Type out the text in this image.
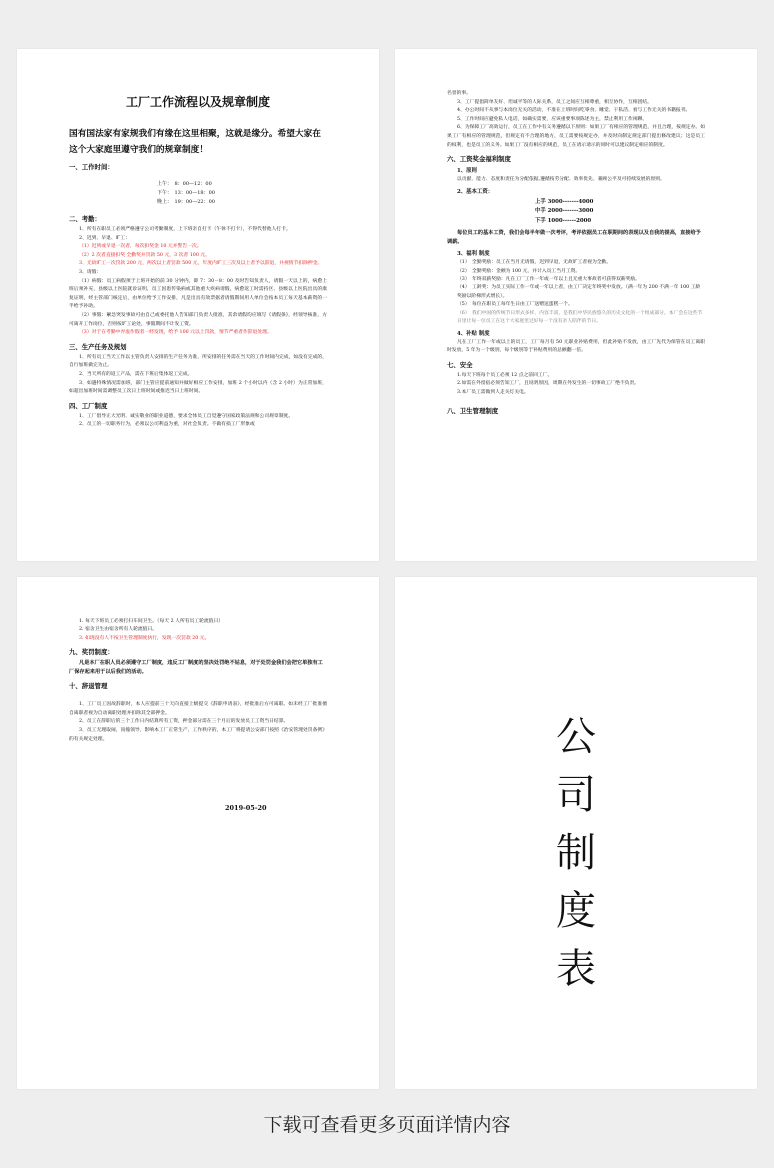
工厂工作流程以及规章制度
国有国法家有家规我们有缘在这里相聚，这就是缘分。希望大家在这个大家庭里遵守我们的规章制度！
一、工作时间：
上午：　8：00—12：00
下午：　13：00—18：00
晚上：　19：00—22：00
二、考勤：

1、所有在职员工必须严格遵守公司考勤制度，上下班亲自打卡（午休不打卡），不得代替他人打卡。

2、迟到、早退、旷工：

（1）迟到或早退一次者，每次扣奖金 10 元并警告一次。

（2）2 次者直接扣奖 全勤奖并罚款 50 元，3 次者 100 元。

3、无故旷工一次罚款 200 元，两次以上者罚款 500 元，年度内旷工三次及以上者予以辞退，并视情节扣除押金。

3、请假：

（1）病假：员工病假须于上班开始的前 30 分钟内，即 7：30－8：00 及时告知负责人，请假一天以上的，病愈上班后须补充，县级以上医院就诊证明，员工因患传染病或其他重大疾病请假，病愈返工时需持区、县级以上医院出具的康复证明，经主管部门核定后，由单位给予工作安排，凡是出具有效票据者请假期间用人单位会按本员工每天基本薪资的一半给予补助。

（2）事假：紧急突发事故可由自己或委托他人告知部门负责人批准，其余请假均应填写《请假条》，经领导核准，方可离开工作岗位，否则按旷工论处，事假期间不计发工资。

（3）对于在考勤中弄虚作假者一经发现，给予 100 元以上罚款，情节严重者作辞退处理。

三、生产任务及规划

1、所有员工当天工作以主管负责人安排的生产任务为准，所安排的任务需在当天的工作时间内完成，如没有完成的，自行加班做完为止。

2、当天所有的返工产品，需在下班后集体返工完成。

3、如遇特殊情况需加班，部门主管应提前通知并做好相应工作安排，加班 2 个小时以内（含 2 小时）为正常加班，如超出加班时间需调整员工次日上班时间或推迟当日上班时间。

四、工厂制度

1、工厂倡导正大光明、诚实敬业的职业道德，要求全体员工自觉遵守国家政策法规和公司规章制度。

2、员工的一切职务行为，必须以公司利益为重，对社会负责。不做有损工厂形象或

名誉的事。

3、工厂提倡简单友好、坦诚平等的人际关系，员工之间应互相尊重，相互协作，互相团结。

4、办公时间不从事与本岗位无关的活动，不准在上班时间吃零食、睡觉、干私活、看与工作无关的书籍报刊。

5、工作时间应避免私人电话，如确实需要，应该重要事项陈述为主，禁止利用工作闲聊。

6、为保障工厂高效运行，员工在工作中有义务遵循以下原则：如果工厂有相应的管理规范，并且合理，按规定办。如果工厂有相应的管理规范，但规定有不合理的地方，员工需要按规定办，并及时向制定规定部门提出修改建议；这是员工的权利，也是员工的义务。如果工厂没有相应的规范，员工在请示请示的同时可以建议制定相应的制度。

六、工资奖金福利制度
1、原则

以贡献、能力、态度和责任为分配依据,遵循按劳分配、效率优先、兼顾公平及可持续发展的原则。

2、基本工资：
上手 3000-------4000
中手 2000-------3000
下手 1000------2000

每位员工的基本工资，我们会每半年做一次考评，考评依据员工在职期间的表现以及自我的提高，直接给予调薪。

3、福利 制度

（1）　全勤奖励：员工在当月无请假，迟到早退，无故旷工者视为全勤。

（2）　全勤奖励：金额为 100 元，并计入员工当月工资。

（3）　年终双薪奖励：凡在工厂工作一年或一年以上且无重大事故者可获得双薪奖励。

（4）　工龄奖：为员工实际工作一年或一年以上者，由工厂决定年终奖中发放。（满一年为 200 不满一年 100 工龄奖励以阶梯形式增长）。

（5）　每位在职员工每年生日由工厂送赠送蛋糕一个。

（6）　我们中国的传统节日形式多样，内容丰富，是我们中华民族悠久的历史文化的一个组成部分。本厂会在这些节日里让每一位员工在这个大家庭里过好每一个没有亲人陪伴的节日。

4、补贴 制度

凡在工厂工作一年或以上的员工，工厂每月有 50 元职业补贴费用，但此补贴不发放，由工厂先代为保管在员工离职时发放，5 年为一个级别，每个级别等于补贴费用的总额翻一倍。

七、安全

1.每天下班每个员工必须 12 点之前回工厂。

2.如需在外留宿必须告知工厂，且说明原因，周期在外发生的一切事故工厂绝不负责。

3.本厂员工需做到人走关灯关电。

八、卫生管理制度

1. 每天下班员工必须打扫车间卫生。（每天 2 人所有员工轮流值日）

2. 宿舍卫生由宿舍所有人轮流值日。

3. 如现没有人不按卫生管理制度执行，发现一次罚款 20 元。

九、奖罚制度：

凡是本厂在职人员必须遵守工厂制度，违反工厂制度的坚决处罚绝不姑息，对于处罚金我们会把它单独有工厂保存起来用于以后我们的活动。

十、辞退管理

1、工厂员工因故辞职时，本人应提前三十天向直接上级提交《辞职申请表》，经批准后方可离职。如未经工厂批准擅自离职者视为自动离职处理并扣除其全部押金。

2、员工在辞职后的三个工作日内结算所有工资，押金部分需在三个月后的发放员工工资当日结算。

3、员工无理取闹，顶撞领导，影响本工厂正常生产、工作秩序的，本工厂将提请公安部门按照《治安管理处罚条例》的有关规定处理。

2019-05-20
公
司
制
度
表
下载可查看更多页面详情内容
